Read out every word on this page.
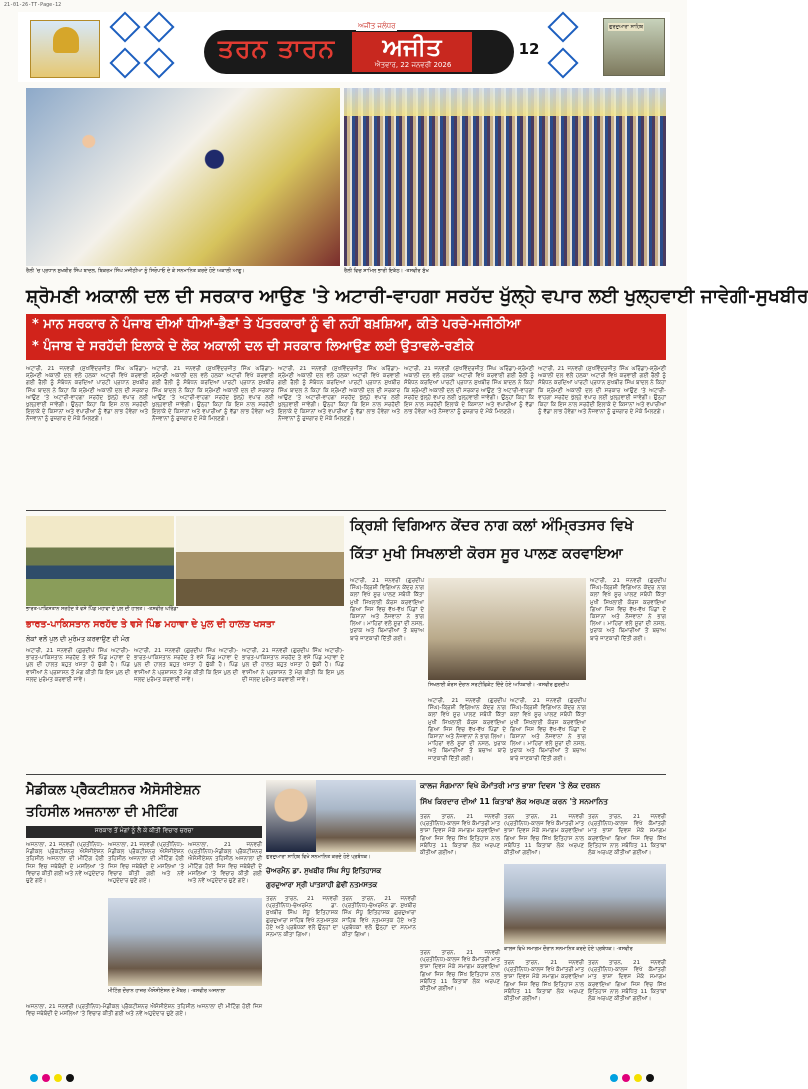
21-01-26-TT-Page-12
ਤਰਨ ਤਾਰਨ
ਅਜੀਤ ਜਲੰਧਰ
ਅਜੀਤ
ਐਤਵਾਰ, 22 ਜਨਵਰੀ 2026
12
ਗੁਰਦੁਆਰਾ ਸਾਹਿਬ
ਰੈਲੀ 'ਚ ਪ੍ਰਧਾਨ ਸੁਖਬੀਰ ਸਿੰਘ ਬਾਦਲ, ਬਿਕਰਮ ਸਿੰਘ ਮਜੀਠੀਆ ਨੂੰ ਸਿਰੋਪਾਓ ਦੇ ਕੇ ਸਨਮਾਨਿਤ ਕਰਦੇ ਹੋਏ ਅਕਾਲੀ ਆਗੂ।	ਰੈਲੀ ਵਿਚ ਸ਼ਾਮਿਲ ਭਾਰੀ ਇਕੱਠ। -ਤਸਵੀਰ ਸੁੱਖ
ਸ਼੍ਰੋਮਣੀ ਅਕਾਲੀ ਦਲ ਦੀ ਸਰਕਾਰ ਆਉਣ 'ਤੇ ਅਟਾਰੀ-ਵਾਹਗਾ ਸਰਹੱਦ ਖੁੱਲ੍ਹੇ ਵਪਾਰ ਲਈ ਖੁਲ੍ਹਵਾਈ ਜਾਵੇਗੀ-ਸੁਖਬੀਰ
* ਮਾਨ ਸਰਕਾਰ ਨੇ ਪੰਜਾਬ ਦੀਆਂ ਧੀਆਂ-ਭੈਣਾਂ ਤੇ ਪੱਤਰਕਾਰਾਂ ਨੂੰ ਵੀ ਨਹੀਂ ਬਖ਼ਸ਼ਿਆ, ਕੀਤੇ ਪਰਚੇ-ਮਜੀਠੀਆ
* ਪੰਜਾਬ ਦੇ ਸਰਹੱਦੀ ਇਲਾਕੇ ਦੇ ਲੋਕ ਅਕਾਲੀ ਦਲ ਦੀ ਸਰਕਾਰ ਲਿਆਉਣ ਲਈ ਉਤਾਵਲੇ-ਰਣੀਕੇ
ਅਟਾਰੀ, 21 ਜਨਵਰੀ (ਸੁਖਵਿੰਦਰਜੀਤ ਸਿੰਘ ਘਰਿੰਡਾ)-ਸ਼੍ਰੋਮਣੀ ਅਕਾਲੀ ਦਲ ਵਲੋਂ ਹਲਕਾ ਅਟਾਰੀ ਵਿਖੇ ਕਰਵਾਈ ਗਈ ਰੈਲੀ ਨੂੰ ਸੰਬੋਧਨ ਕਰਦਿਆਂ ਪਾਰਟੀ ਪ੍ਰਧਾਨ ਸੁਖਬੀਰ ਸਿੰਘ ਬਾਦਲ ਨੇ ਕਿਹਾ ਕਿ ਸ਼੍ਰੋਮਣੀ ਅਕਾਲੀ ਦਲ ਦੀ ਸਰਕਾਰ ਆਉਣ 'ਤੇ ਅਟਾਰੀ-ਵਾਹਗਾ ਸਰਹੱਦ ਖੁੱਲ੍ਹੇ ਵਪਾਰ ਲਈ ਖੁਲ੍ਹਵਾਈ ਜਾਵੇਗੀ। ਉਨ੍ਹਾਂ ਕਿਹਾ ਕਿ ਇਸ ਨਾਲ ਸਰਹੱਦੀ ਇਲਾਕੇ ਦੇ ਕਿਸਾਨਾਂ ਅਤੇ ਵਪਾਰੀਆਂ ਨੂੰ ਵੱਡਾ ਲਾਭ ਹੋਵੇਗਾ ਅਤੇ ਨੌਜਵਾਨਾਂ ਨੂੰ ਰੁਜ਼ਗਾਰ ਦੇ ਮੌਕੇ ਮਿਲਣਗੇ।
ਅਟਾਰੀ, 21 ਜਨਵਰੀ (ਸੁਖਵਿੰਦਰਜੀਤ ਸਿੰਘ ਘਰਿੰਡਾ)-ਸ਼੍ਰੋਮਣੀ ਅਕਾਲੀ ਦਲ ਵਲੋਂ ਹਲਕਾ ਅਟਾਰੀ ਵਿਖੇ ਕਰਵਾਈ ਗਈ ਰੈਲੀ ਨੂੰ ਸੰਬੋਧਨ ਕਰਦਿਆਂ ਪਾਰਟੀ ਪ੍ਰਧਾਨ ਸੁਖਬੀਰ ਸਿੰਘ ਬਾਦਲ ਨੇ ਕਿਹਾ ਕਿ ਸ਼੍ਰੋਮਣੀ ਅਕਾਲੀ ਦਲ ਦੀ ਸਰਕਾਰ ਆਉਣ 'ਤੇ ਅਟਾਰੀ-ਵਾਹਗਾ ਸਰਹੱਦ ਖੁੱਲ੍ਹੇ ਵਪਾਰ ਲਈ ਖੁਲ੍ਹਵਾਈ ਜਾਵੇਗੀ। ਉਨ੍ਹਾਂ ਕਿਹਾ ਕਿ ਇਸ ਨਾਲ ਸਰਹੱਦੀ ਇਲਾਕੇ ਦੇ ਕਿਸਾਨਾਂ ਅਤੇ ਵਪਾਰੀਆਂ ਨੂੰ ਵੱਡਾ ਲਾਭ ਹੋਵੇਗਾ ਅਤੇ ਨੌਜਵਾਨਾਂ ਨੂੰ ਰੁਜ਼ਗਾਰ ਦੇ ਮੌਕੇ ਮਿਲਣਗੇ।
ਅਟਾਰੀ, 21 ਜਨਵਰੀ (ਸੁਖਵਿੰਦਰਜੀਤ ਸਿੰਘ ਘਰਿੰਡਾ)-ਸ਼੍ਰੋਮਣੀ ਅਕਾਲੀ ਦਲ ਵਲੋਂ ਹਲਕਾ ਅਟਾਰੀ ਵਿਖੇ ਕਰਵਾਈ ਗਈ ਰੈਲੀ ਨੂੰ ਸੰਬੋਧਨ ਕਰਦਿਆਂ ਪਾਰਟੀ ਪ੍ਰਧਾਨ ਸੁਖਬੀਰ ਸਿੰਘ ਬਾਦਲ ਨੇ ਕਿਹਾ ਕਿ ਸ਼੍ਰੋਮਣੀ ਅਕਾਲੀ ਦਲ ਦੀ ਸਰਕਾਰ ਆਉਣ 'ਤੇ ਅਟਾਰੀ-ਵਾਹਗਾ ਸਰਹੱਦ ਖੁੱਲ੍ਹੇ ਵਪਾਰ ਲਈ ਖੁਲ੍ਹਵਾਈ ਜਾਵੇਗੀ। ਉਨ੍ਹਾਂ ਕਿਹਾ ਕਿ ਇਸ ਨਾਲ ਸਰਹੱਦੀ ਇਲਾਕੇ ਦੇ ਕਿਸਾਨਾਂ ਅਤੇ ਵਪਾਰੀਆਂ ਨੂੰ ਵੱਡਾ ਲਾਭ ਹੋਵੇਗਾ ਅਤੇ ਨੌਜਵਾਨਾਂ ਨੂੰ ਰੁਜ਼ਗਾਰ ਦੇ ਮੌਕੇ ਮਿਲਣਗੇ।
ਅਟਾਰੀ, 21 ਜਨਵਰੀ (ਸੁਖਵਿੰਦਰਜੀਤ ਸਿੰਘ ਘਰਿੰਡਾ)-ਸ਼੍ਰੋਮਣੀ ਅਕਾਲੀ ਦਲ ਵਲੋਂ ਹਲਕਾ ਅਟਾਰੀ ਵਿਖੇ ਕਰਵਾਈ ਗਈ ਰੈਲੀ ਨੂੰ ਸੰਬੋਧਨ ਕਰਦਿਆਂ ਪਾਰਟੀ ਪ੍ਰਧਾਨ ਸੁਖਬੀਰ ਸਿੰਘ ਬਾਦਲ ਨੇ ਕਿਹਾ ਕਿ ਸ਼੍ਰੋਮਣੀ ਅਕਾਲੀ ਦਲ ਦੀ ਸਰਕਾਰ ਆਉਣ 'ਤੇ ਅਟਾਰੀ-ਵਾਹਗਾ ਸਰਹੱਦ ਖੁੱਲ੍ਹੇ ਵਪਾਰ ਲਈ ਖੁਲ੍ਹਵਾਈ ਜਾਵੇਗੀ। ਉਨ੍ਹਾਂ ਕਿਹਾ ਕਿ ਇਸ ਨਾਲ ਸਰਹੱਦੀ ਇਲਾਕੇ ਦੇ ਕਿਸਾਨਾਂ ਅਤੇ ਵਪਾਰੀਆਂ ਨੂੰ ਵੱਡਾ ਲਾਭ ਹੋਵੇਗਾ ਅਤੇ ਨੌਜਵਾਨਾਂ ਨੂੰ ਰੁਜ਼ਗਾਰ ਦੇ ਮੌਕੇ ਮਿਲਣਗੇ।
ਅਟਾਰੀ, 21 ਜਨਵਰੀ (ਸੁਖਵਿੰਦਰਜੀਤ ਸਿੰਘ ਘਰਿੰਡਾ)-ਸ਼੍ਰੋਮਣੀ ਅਕਾਲੀ ਦਲ ਵਲੋਂ ਹਲਕਾ ਅਟਾਰੀ ਵਿਖੇ ਕਰਵਾਈ ਗਈ ਰੈਲੀ ਨੂੰ ਸੰਬੋਧਨ ਕਰਦਿਆਂ ਪਾਰਟੀ ਪ੍ਰਧਾਨ ਸੁਖਬੀਰ ਸਿੰਘ ਬਾਦਲ ਨੇ ਕਿਹਾ ਕਿ ਸ਼੍ਰੋਮਣੀ ਅਕਾਲੀ ਦਲ ਦੀ ਸਰਕਾਰ ਆਉਣ 'ਤੇ ਅਟਾਰੀ-ਵਾਹਗਾ ਸਰਹੱਦ ਖੁੱਲ੍ਹੇ ਵਪਾਰ ਲਈ ਖੁਲ੍ਹਵਾਈ ਜਾਵੇਗੀ। ਉਨ੍ਹਾਂ ਕਿਹਾ ਕਿ ਇਸ ਨਾਲ ਸਰਹੱਦੀ ਇਲਾਕੇ ਦੇ ਕਿਸਾਨਾਂ ਅਤੇ ਵਪਾਰੀਆਂ ਨੂੰ ਵੱਡਾ ਲਾਭ ਹੋਵੇਗਾ ਅਤੇ ਨੌਜਵਾਨਾਂ ਨੂੰ ਰੁਜ਼ਗਾਰ ਦੇ ਮੌਕੇ ਮਿਲਣਗੇ।
ਭਾਰਤ-ਪਾਕਿਸਤਾਨ ਸਰਹੱਦ ਤੇ ਵਸੇ ਪਿੰਡ ਮਹਾਵਾ ਦੇ ਪੁਲ ਦੀ ਹਾਲਤ। -ਤਸਵੀਰ ਘਰਿੰਡਾ
ਭਾਰਤ-ਪਾਕਿਸਤਾਨ ਸਰਹੱਦ ਤੇ ਵਸੇ ਪਿੰਡ ਮਹਾਵਾ ਦੇ ਪੁਲ ਦੀ ਹਾਲਤ ਖਸਤਾ
ਲੋਕਾਂ ਵਲੋਂ ਪੁਲ ਦੀ ਮੁਰੰਮਤ ਕਰਵਾਉਣ ਦੀ ਮੰਗ
ਅਟਾਰੀ, 21 ਜਨਵਰੀ (ਗੁਰਦੀਪ ਸਿੰਘ ਅਟਾਰੀ)-ਭਾਰਤ-ਪਾਕਿਸਤਾਨ ਸਰਹੱਦ ਤੇ ਵਸੇ ਪਿੰਡ ਮਹਾਵਾ ਦੇ ਪੁਲ ਦੀ ਹਾਲਤ ਬਹੁਤ ਖਸਤਾ ਹੋ ਚੁੱਕੀ ਹੈ। ਪਿੰਡ ਵਾਸੀਆਂ ਨੇ ਪ੍ਰਸ਼ਾਸਨ ਤੋਂ ਮੰਗ ਕੀਤੀ ਕਿ ਇਸ ਪੁਲ ਦੀ ਜਲਦ ਮੁਰੰਮਤ ਕਰਵਾਈ ਜਾਵੇ।
ਅਟਾਰੀ, 21 ਜਨਵਰੀ (ਗੁਰਦੀਪ ਸਿੰਘ ਅਟਾਰੀ)-ਭਾਰਤ-ਪਾਕਿਸਤਾਨ ਸਰਹੱਦ ਤੇ ਵਸੇ ਪਿੰਡ ਮਹਾਵਾ ਦੇ ਪੁਲ ਦੀ ਹਾਲਤ ਬਹੁਤ ਖਸਤਾ ਹੋ ਚੁੱਕੀ ਹੈ। ਪਿੰਡ ਵਾਸੀਆਂ ਨੇ ਪ੍ਰਸ਼ਾਸਨ ਤੋਂ ਮੰਗ ਕੀਤੀ ਕਿ ਇਸ ਪੁਲ ਦੀ ਜਲਦ ਮੁਰੰਮਤ ਕਰਵਾਈ ਜਾਵੇ।
ਅਟਾਰੀ, 21 ਜਨਵਰੀ (ਗੁਰਦੀਪ ਸਿੰਘ ਅਟਾਰੀ)-ਭਾਰਤ-ਪਾਕਿਸਤਾਨ ਸਰਹੱਦ ਤੇ ਵਸੇ ਪਿੰਡ ਮਹਾਵਾ ਦੇ ਪੁਲ ਦੀ ਹਾਲਤ ਬਹੁਤ ਖਸਤਾ ਹੋ ਚੁੱਕੀ ਹੈ। ਪਿੰਡ ਵਾਸੀਆਂ ਨੇ ਪ੍ਰਸ਼ਾਸਨ ਤੋਂ ਮੰਗ ਕੀਤੀ ਕਿ ਇਸ ਪੁਲ ਦੀ ਜਲਦ ਮੁਰੰਮਤ ਕਰਵਾਈ ਜਾਵੇ।
ਕ੍ਰਿਸ਼ੀ ਵਿਗਿਆਨ ਕੇਂਦਰ ਨਾਗ ਕਲਾਂ ਅੰਮ੍ਰਿਤਸਰ ਵਿਖੇ
ਕਿੱਤਾ ਮੁਖੀ ਸਿਖਲਾਈ ਕੋਰਸ ਸੂਰ ਪਾਲਣ ਕਰਵਾਇਆ
ਅਟਾਰੀ, 21 ਜਨਵਰੀ (ਗੁਰਦੀਪ ਸਿੰਘ)-ਕ੍ਰਿਸ਼ੀ ਵਿਗਿਆਨ ਕੇਂਦਰ ਨਾਗ ਕਲਾਂ ਵਿਖੇ ਸੂਰ ਪਾਲਣ ਸਬੰਧੀ ਕਿੱਤਾ ਮੁਖੀ ਸਿਖਲਾਈ ਕੋਰਸ ਕਰਵਾਇਆ ਗਿਆ ਜਿਸ ਵਿਚ ਵੱਖ-ਵੱਖ ਪਿੰਡਾਂ ਦੇ ਕਿਸਾਨਾਂ ਅਤੇ ਨੌਜਵਾਨਾਂ ਨੇ ਭਾਗ ਲਿਆ। ਮਾਹਿਰਾਂ ਵਲੋਂ ਸੂਰਾਂ ਦੀ ਨਸਲ, ਖੁਰਾਕ ਅਤੇ ਬਿਮਾਰੀਆਂ ਤੋਂ ਬਚਾਅ ਬਾਰੇ ਜਾਣਕਾਰੀ ਦਿੱਤੀ ਗਈ।
ਸਿਖਲਾਈ ਕੋਰਸ ਦੌਰਾਨ ਸਰਟੀਫਿਕੇਟ ਦਿੰਦੇ ਹੋਏ ਅਧਿਕਾਰੀ। -ਤਸਵੀਰ ਗੁਰਦੀਪ
ਅਟਾਰੀ, 21 ਜਨਵਰੀ (ਗੁਰਦੀਪ ਸਿੰਘ)-ਕ੍ਰਿਸ਼ੀ ਵਿਗਿਆਨ ਕੇਂਦਰ ਨਾਗ ਕਲਾਂ ਵਿਖੇ ਸੂਰ ਪਾਲਣ ਸਬੰਧੀ ਕਿੱਤਾ ਮੁਖੀ ਸਿਖਲਾਈ ਕੋਰਸ ਕਰਵਾਇਆ ਗਿਆ ਜਿਸ ਵਿਚ ਵੱਖ-ਵੱਖ ਪਿੰਡਾਂ ਦੇ ਕਿਸਾਨਾਂ ਅਤੇ ਨੌਜਵਾਨਾਂ ਨੇ ਭਾਗ ਲਿਆ। ਮਾਹਿਰਾਂ ਵਲੋਂ ਸੂਰਾਂ ਦੀ ਨਸਲ, ਖੁਰਾਕ ਅਤੇ ਬਿਮਾਰੀਆਂ ਤੋਂ ਬਚਾਅ ਬਾਰੇ ਜਾਣਕਾਰੀ ਦਿੱਤੀ ਗਈ।
ਅਟਾਰੀ, 21 ਜਨਵਰੀ (ਗੁਰਦੀਪ ਸਿੰਘ)-ਕ੍ਰਿਸ਼ੀ ਵਿਗਿਆਨ ਕੇਂਦਰ ਨਾਗ ਕਲਾਂ ਵਿਖੇ ਸੂਰ ਪਾਲਣ ਸਬੰਧੀ ਕਿੱਤਾ ਮੁਖੀ ਸਿਖਲਾਈ ਕੋਰਸ ਕਰਵਾਇਆ ਗਿਆ ਜਿਸ ਵਿਚ ਵੱਖ-ਵੱਖ ਪਿੰਡਾਂ ਦੇ ਕਿਸਾਨਾਂ ਅਤੇ ਨੌਜਵਾਨਾਂ ਨੇ ਭਾਗ ਲਿਆ। ਮਾਹਿਰਾਂ ਵਲੋਂ ਸੂਰਾਂ ਦੀ ਨਸਲ, ਖੁਰਾਕ ਅਤੇ ਬਿਮਾਰੀਆਂ ਤੋਂ ਬਚਾਅ ਬਾਰੇ ਜਾਣਕਾਰੀ ਦਿੱਤੀ ਗਈ।
ਅਟਾਰੀ, 21 ਜਨਵਰੀ (ਗੁਰਦੀਪ ਸਿੰਘ)-ਕ੍ਰਿਸ਼ੀ ਵਿਗਿਆਨ ਕੇਂਦਰ ਨਾਗ ਕਲਾਂ ਵਿਖੇ ਸੂਰ ਪਾਲਣ ਸਬੰਧੀ ਕਿੱਤਾ ਮੁਖੀ ਸਿਖਲਾਈ ਕੋਰਸ ਕਰਵਾਇਆ ਗਿਆ ਜਿਸ ਵਿਚ ਵੱਖ-ਵੱਖ ਪਿੰਡਾਂ ਦੇ ਕਿਸਾਨਾਂ ਅਤੇ ਨੌਜਵਾਨਾਂ ਨੇ ਭਾਗ ਲਿਆ। ਮਾਹਿਰਾਂ ਵਲੋਂ ਸੂਰਾਂ ਦੀ ਨਸਲ, ਖੁਰਾਕ ਅਤੇ ਬਿਮਾਰੀਆਂ ਤੋਂ ਬਚਾਅ ਬਾਰੇ ਜਾਣਕਾਰੀ ਦਿੱਤੀ ਗਈ।
ਮੈਡੀਕਲ ਪ੍ਰੈਕਟੀਸ਼ਨਰ ਐਸੋਸੀਏਸ਼ਨ
ਤਹਿਸੀਲ ਅਜਨਾਲਾ ਦੀ ਮੀਟਿੰਗ
ਸਰਕਾਰ ਤੋਂ ਮੰਗਾਂ ਨੂੰ ਲੈ ਕੇ ਕੀਤੀ ਵਿਚਾਰ ਚਰਚਾ
ਅਜਨਾਲਾ, 21 ਜਨਵਰੀ (ਪ੍ਰਤੀਨਿਧ)-ਮੈਡੀਕਲ ਪ੍ਰੈਕਟੀਸ਼ਨਰ ਐਸੋਸੀਏਸ਼ਨ ਤਹਿਸੀਲ ਅਜਨਾਲਾ ਦੀ ਮੀਟਿੰਗ ਹੋਈ ਜਿਸ ਵਿਚ ਜਥੇਬੰਦੀ ਦੇ ਮਸਲਿਆਂ 'ਤੇ ਵਿਚਾਰ ਕੀਤੀ ਗਈ ਅਤੇ ਨਵੇਂ ਅਹੁਦੇਦਾਰ ਚੁਣੇ ਗਏ।
ਅਜਨਾਲਾ, 21 ਜਨਵਰੀ (ਪ੍ਰਤੀਨਿਧ)-ਮੈਡੀਕਲ ਪ੍ਰੈਕਟੀਸ਼ਨਰ ਐਸੋਸੀਏਸ਼ਨ ਤਹਿਸੀਲ ਅਜਨਾਲਾ ਦੀ ਮੀਟਿੰਗ ਹੋਈ ਜਿਸ ਵਿਚ ਜਥੇਬੰਦੀ ਦੇ ਮਸਲਿਆਂ 'ਤੇ ਵਿਚਾਰ ਕੀਤੀ ਗਈ ਅਤੇ ਨਵੇਂ ਅਹੁਦੇਦਾਰ ਚੁਣੇ ਗਏ।
ਅਜਨਾਲਾ, 21 ਜਨਵਰੀ (ਪ੍ਰਤੀਨਿਧ)-ਮੈਡੀਕਲ ਪ੍ਰੈਕਟੀਸ਼ਨਰ ਐਸੋਸੀਏਸ਼ਨ ਤਹਿਸੀਲ ਅਜਨਾਲਾ ਦੀ ਮੀਟਿੰਗ ਹੋਈ ਜਿਸ ਵਿਚ ਜਥੇਬੰਦੀ ਦੇ ਮਸਲਿਆਂ 'ਤੇ ਵਿਚਾਰ ਕੀਤੀ ਗਈ ਅਤੇ ਨਵੇਂ ਅਹੁਦੇਦਾਰ ਚੁਣੇ ਗਏ।
ਮੀਟਿੰਗ ਦੌਰਾਨ ਹਾਜ਼ਰ ਐਸੋਸੀਏਸ਼ਨ ਦੇ ਮੈਂਬਰ। -ਤਸਵੀਰ ਅਜਨਾਲਾ
ਅਜਨਾਲਾ, 21 ਜਨਵਰੀ (ਪ੍ਰਤੀਨਿਧ)-ਮੈਡੀਕਲ ਪ੍ਰੈਕਟੀਸ਼ਨਰ ਐਸੋਸੀਏਸ਼ਨ ਤਹਿਸੀਲ ਅਜਨਾਲਾ ਦੀ ਮੀਟਿੰਗ ਹੋਈ ਜਿਸ ਵਿਚ ਜਥੇਬੰਦੀ ਦੇ ਮਸਲਿਆਂ 'ਤੇ ਵਿਚਾਰ ਕੀਤੀ ਗਈ ਅਤੇ ਨਵੇਂ ਅਹੁਦੇਦਾਰ ਚੁਣੇ ਗਏ।
ਗੁਰਦੁਆਰਾ ਸਾਹਿਬ ਵਿਖੇ ਸਨਮਾਨਿਤ ਕਰਦੇ ਹੋਏ ਪ੍ਰਬੰਧਕ।
ਚੇਅਰਮੈਨ ਡਾ. ਸੁਖਬੀਰ ਸਿੰਘ ਸੰਧੂ ਇਤਿਹਾਸਕ
ਗੁਰਦੁਆਰਾ ਸ੍ਰੀ ਪਾਤਸ਼ਾਹੀ ਛੇਵੀਂ ਨਤਮਸਤਕ
ਤਰਨ ਤਾਰਨ, 21 ਜਨਵਰੀ (ਪ੍ਰਤੀਨਿਧ)-ਚੇਅਰਮੈਨ ਡਾ. ਸੁਖਬੀਰ ਸਿੰਘ ਸੰਧੂ ਇਤਿਹਾਸਕ ਗੁਰਦੁਆਰਾ ਸਾਹਿਬ ਵਿਖੇ ਨਤਮਸਤਕ ਹੋਏ ਅਤੇ ਪ੍ਰਬੰਧਕਾਂ ਵਲੋਂ ਉਨ੍ਹਾਂ ਦਾ ਸਨਮਾਨ ਕੀਤਾ ਗਿਆ।
ਤਰਨ ਤਾਰਨ, 21 ਜਨਵਰੀ (ਪ੍ਰਤੀਨਿਧ)-ਚੇਅਰਮੈਨ ਡਾ. ਸੁਖਬੀਰ ਸਿੰਘ ਸੰਧੂ ਇਤਿਹਾਸਕ ਗੁਰਦੁਆਰਾ ਸਾਹਿਬ ਵਿਖੇ ਨਤਮਸਤਕ ਹੋਏ ਅਤੇ ਪ੍ਰਬੰਧਕਾਂ ਵਲੋਂ ਉਨ੍ਹਾਂ ਦਾ ਸਨਮਾਨ ਕੀਤਾ ਗਿਆ।
ਕਾਲਜ ਸੰਗਮਾਨਾ ਵਿਖੇ ਕੌਮਾਂਤਰੀ ਮਾਤ ਭਾਸ਼ਾ ਦਿਵਸ 'ਤੇ ਲੋਕ ਦਰਸ਼ਨ
ਸਿੱਖ ਕਿਰਦਾਰ ਦੀਆਂ 11 ਕਿਤਾਬਾਂ ਲੋਕ ਅਰਪਣ ਕਰਨ 'ਤੇ ਸਨਮਾਨਿਤ
ਤਰਨ ਤਾਰਨ, 21 ਜਨਵਰੀ (ਪ੍ਰਤੀਨਿਧ)-ਕਾਲਜ ਵਿਖੇ ਕੌਮਾਂਤਰੀ ਮਾਤ ਭਾਸ਼ਾ ਦਿਵਸ ਮੌਕੇ ਸਮਾਗਮ ਕਰਵਾਇਆ ਗਿਆ ਜਿਸ ਵਿਚ ਸਿੱਖ ਇਤਿਹਾਸ ਨਾਲ ਸਬੰਧਿਤ 11 ਕਿਤਾਬਾਂ ਲੋਕ ਅਰਪਣ ਕੀਤੀਆਂ ਗਈਆਂ।
ਤਰਨ ਤਾਰਨ, 21 ਜਨਵਰੀ (ਪ੍ਰਤੀਨਿਧ)-ਕਾਲਜ ਵਿਖੇ ਕੌਮਾਂਤਰੀ ਮਾਤ ਭਾਸ਼ਾ ਦਿਵਸ ਮੌਕੇ ਸਮਾਗਮ ਕਰਵਾਇਆ ਗਿਆ ਜਿਸ ਵਿਚ ਸਿੱਖ ਇਤਿਹਾਸ ਨਾਲ ਸਬੰਧਿਤ 11 ਕਿਤਾਬਾਂ ਲੋਕ ਅਰਪਣ ਕੀਤੀਆਂ ਗਈਆਂ।
ਤਰਨ ਤਾਰਨ, 21 ਜਨਵਰੀ (ਪ੍ਰਤੀਨਿਧ)-ਕਾਲਜ ਵਿਖੇ ਕੌਮਾਂਤਰੀ ਮਾਤ ਭਾਸ਼ਾ ਦਿਵਸ ਮੌਕੇ ਸਮਾਗਮ ਕਰਵਾਇਆ ਗਿਆ ਜਿਸ ਵਿਚ ਸਿੱਖ ਇਤਿਹਾਸ ਨਾਲ ਸਬੰਧਿਤ 11 ਕਿਤਾਬਾਂ ਲੋਕ ਅਰਪਣ ਕੀਤੀਆਂ ਗਈਆਂ।
ਕਾਲਜ ਵਿਖੇ ਸਮਾਗਮ ਦੌਰਾਨ ਸਨਮਾਨਿਤ ਕਰਦੇ ਹੋਏ ਪ੍ਰਬੰਧਕ। -ਤਸਵੀਰ
ਤਰਨ ਤਾਰਨ, 21 ਜਨਵਰੀ (ਪ੍ਰਤੀਨਿਧ)-ਕਾਲਜ ਵਿਖੇ ਕੌਮਾਂਤਰੀ ਮਾਤ ਭਾਸ਼ਾ ਦਿਵਸ ਮੌਕੇ ਸਮਾਗਮ ਕਰਵਾਇਆ ਗਿਆ ਜਿਸ ਵਿਚ ਸਿੱਖ ਇਤਿਹਾਸ ਨਾਲ ਸਬੰਧਿਤ 11 ਕਿਤਾਬਾਂ ਲੋਕ ਅਰਪਣ ਕੀਤੀਆਂ ਗਈਆਂ।
ਤਰਨ ਤਾਰਨ, 21 ਜਨਵਰੀ (ਪ੍ਰਤੀਨਿਧ)-ਕਾਲਜ ਵਿਖੇ ਕੌਮਾਂਤਰੀ ਮਾਤ ਭਾਸ਼ਾ ਦਿਵਸ ਮੌਕੇ ਸਮਾਗਮ ਕਰਵਾਇਆ ਗਿਆ ਜਿਸ ਵਿਚ ਸਿੱਖ ਇਤਿਹਾਸ ਨਾਲ ਸਬੰਧਿਤ 11 ਕਿਤਾਬਾਂ ਲੋਕ ਅਰਪਣ ਕੀਤੀਆਂ ਗਈਆਂ।
ਤਰਨ ਤਾਰਨ, 21 ਜਨਵਰੀ (ਪ੍ਰਤੀਨਿਧ)-ਕਾਲਜ ਵਿਖੇ ਕੌਮਾਂਤਰੀ ਮਾਤ ਭਾਸ਼ਾ ਦਿਵਸ ਮੌਕੇ ਸਮਾਗਮ ਕਰਵਾਇਆ ਗਿਆ ਜਿਸ ਵਿਚ ਸਿੱਖ ਇਤਿਹਾਸ ਨਾਲ ਸਬੰਧਿਤ 11 ਕਿਤਾਬਾਂ ਲੋਕ ਅਰਪਣ ਕੀਤੀਆਂ ਗਈਆਂ।
